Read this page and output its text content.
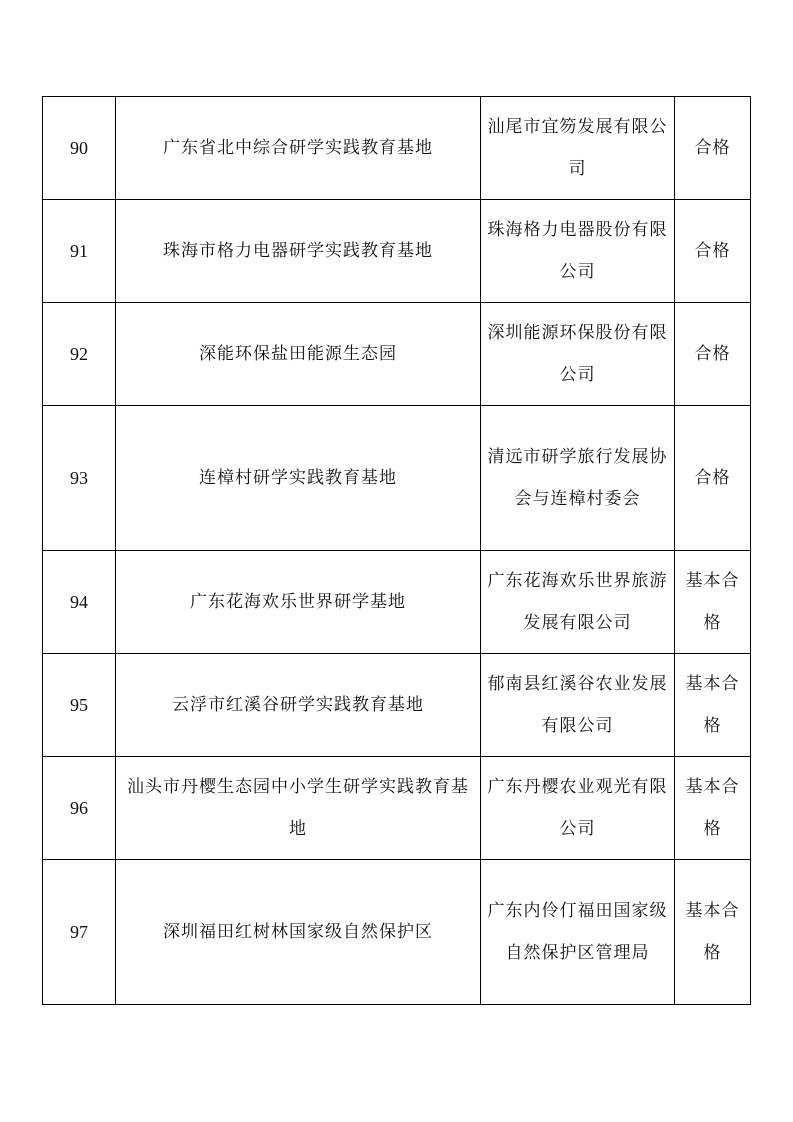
90	广东省北中综合研学实践教育基地	汕尾市宜笏发展有限公司	合格
91	珠海市格力电器研学实践教育基地	珠海格力电器股份有限公司	合格
92	深能环保盐田能源生态园	深圳能源环保股份有限公司	合格
93	连樟村研学实践教育基地	清远市研学旅行发展协会与连樟村委会	合格
94	广东花海欢乐世界研学基地	广东花海欢乐世界旅游发展有限公司	基本合格
95	云浮市红溪谷研学实践教育基地	郁南县红溪谷农业发展有限公司	基本合格
96	汕头市丹樱生态园中小学生研学实践教育基地	广东丹樱农业观光有限公司	基本合格
97	深圳福田红树林国家级自然保护区	广东内伶仃福田国家级自然保护区管理局	基本合格
